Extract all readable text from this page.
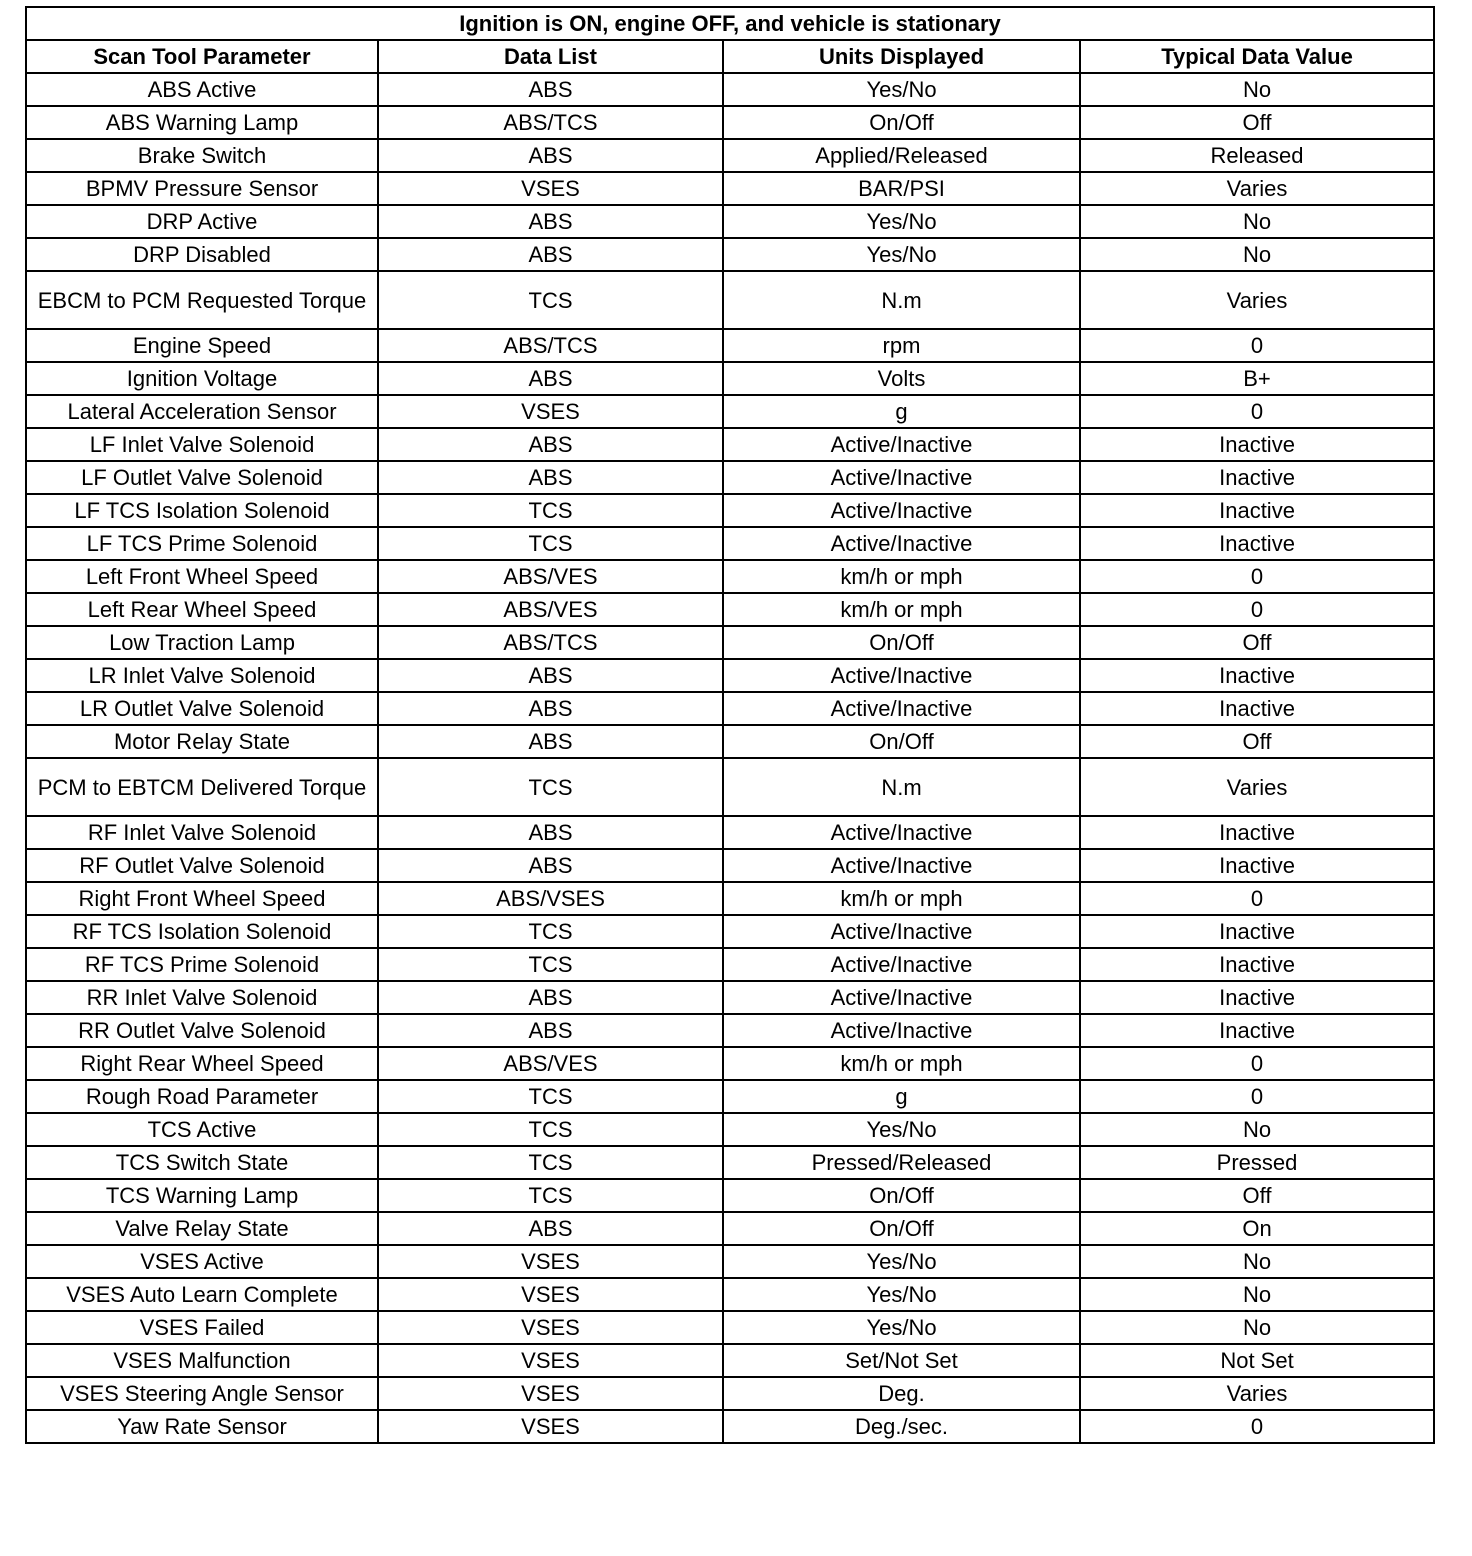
Ignition is ON, engine OFF, and vehicle is stationary			
Scan Tool Parameter	Data List	Units Displayed	Typical Data Value
ABS Active	ABS	Yes/No	No
ABS Warning Lamp	ABS/TCS	On/Off	Off
Brake Switch	ABS	Applied/Released	Released
BPMV Pressure Sensor	VSES	BAR/PSI	Varies
DRP Active	ABS	Yes/No	No
DRP Disabled	ABS	Yes/No	No
EBCM to PCM Requested Torque	TCS	N.m	Varies
Engine Speed	ABS/TCS	rpm	0
Ignition Voltage	ABS	Volts	B+
Lateral Acceleration Sensor	VSES	g	0
LF Inlet Valve Solenoid	ABS	Active/Inactive	Inactive
LF Outlet Valve Solenoid	ABS	Active/Inactive	Inactive
LF TCS Isolation Solenoid	TCS	Active/Inactive	Inactive
LF TCS Prime Solenoid	TCS	Active/Inactive	Inactive
Left Front Wheel Speed	ABS/VES	km/h or mph	0
Left Rear Wheel Speed	ABS/VES	km/h or mph	0
Low Traction Lamp	ABS/TCS	On/Off	Off
LR Inlet Valve Solenoid	ABS	Active/Inactive	Inactive
LR Outlet Valve Solenoid	ABS	Active/Inactive	Inactive
Motor Relay State	ABS	On/Off	Off
PCM to EBTCM Delivered Torque	TCS	N.m	Varies
RF Inlet Valve Solenoid	ABS	Active/Inactive	Inactive
RF Outlet Valve Solenoid	ABS	Active/Inactive	Inactive
Right Front Wheel Speed	ABS/VSES	km/h or mph	0
RF TCS Isolation Solenoid	TCS	Active/Inactive	Inactive
RF TCS Prime Solenoid	TCS	Active/Inactive	Inactive
RR Inlet Valve Solenoid	ABS	Active/Inactive	Inactive
RR Outlet Valve Solenoid	ABS	Active/Inactive	Inactive
Right Rear Wheel Speed	ABS/VES	km/h or mph	0
Rough Road Parameter	TCS	g	0
TCS Active	TCS	Yes/No	No
TCS Switch State	TCS	Pressed/Released	Pressed
TCS Warning Lamp	TCS	On/Off	Off
Valve Relay State	ABS	On/Off	On
VSES Active	VSES	Yes/No	No
VSES Auto Learn Complete	VSES	Yes/No	No
VSES Failed	VSES	Yes/No	No
VSES Malfunction	VSES	Set/Not Set	Not Set
VSES Steering Angle Sensor	VSES	Deg.	Varies
Yaw Rate Sensor	VSES	Deg./sec.	0
